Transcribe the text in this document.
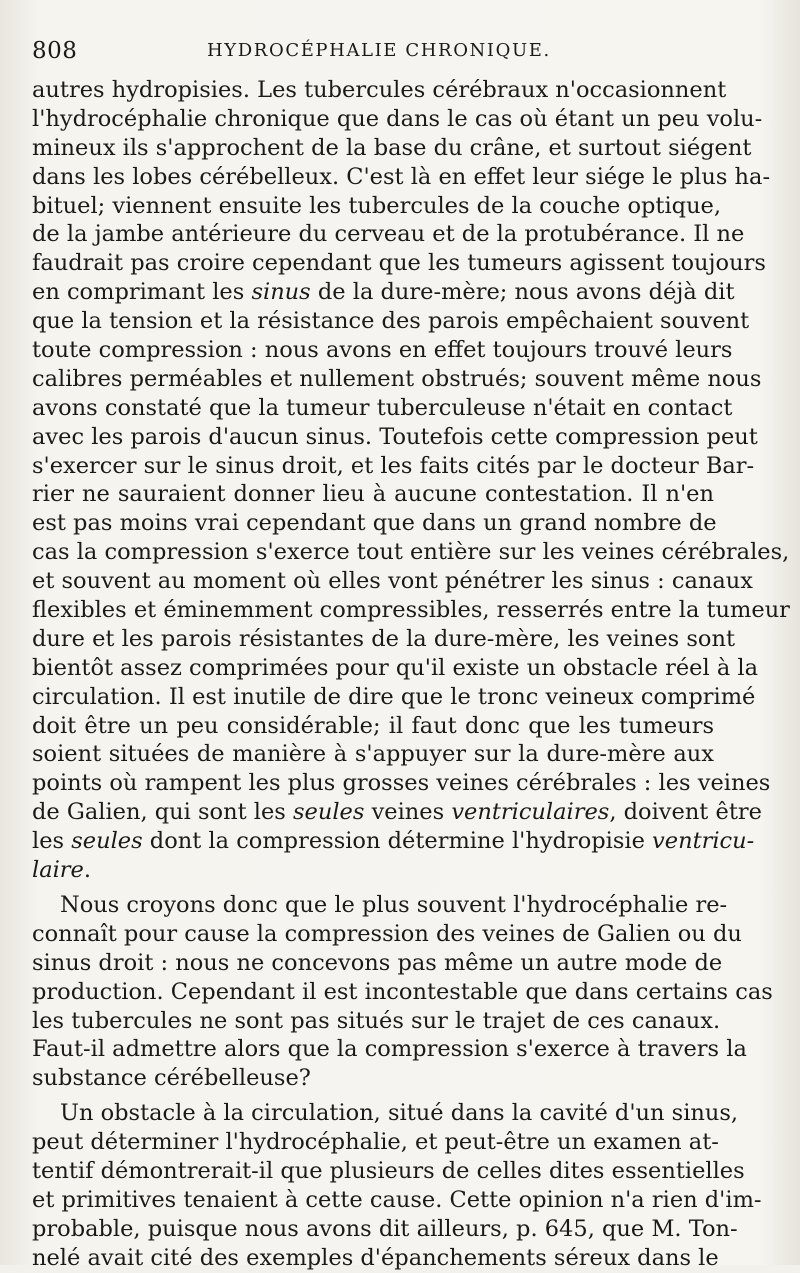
808	HYDROCÉPHALIE CHRONIQUE.
autres hydropisies. Les tubercules cérébraux n'occasionnent
l'hydrocéphalie chronique que dans le cas où étant un peu volu-
mineux ils s'approchent de la base du crâne, et surtout siégent
dans les lobes cérébelleux. C'est là en effet leur siége le plus ha-
bituel; viennent ensuite les tubercules de la couche optique,
de la jambe antérieure du cerveau et de la protubérance. Il ne
faudrait pas croire cependant que les tumeurs agissent toujours
en comprimant les sinus de la dure-mère; nous avons déjà dit
que la tension et la résistance des parois empêchaient souvent
toute compression : nous avons en effet toujours trouvé leurs
calibres perméables et nullement obstrués; souvent même nous
avons constaté que la tumeur tuberculeuse n'était en contact
avec les parois d'aucun sinus. Toutefois cette compression peut
s'exercer sur le sinus droit, et les faits cités par le docteur Bar-
rier ne sauraient donner lieu à aucune contestation. Il n'en
est pas moins vrai cependant que dans un grand nombre de
cas la compression s'exerce tout entière sur les veines cérébrales,
et souvent au moment où elles vont pénétrer les sinus : canaux
flexibles et éminemment compressibles, resserrés entre la tumeur
dure et les parois résistantes de la dure-mère, les veines sont
bientôt assez comprimées pour qu'il existe un obstacle réel à la
circulation. Il est inutile de dire que le tronc veineux comprimé
doit être un peu considérable; il faut donc que les tumeurs
soient situées de manière à s'appuyer sur la dure-mère aux
points où rampent les plus grosses veines cérébrales : les veines
de Galien, qui sont les seules veines ventriculaires, doivent être
les seules dont la compression détermine l'hydropisie ventricu-
laire.
Nous croyons donc que le plus souvent l'hydrocéphalie re-
connaît pour cause la compression des veines de Galien ou du
sinus droit : nous ne concevons pas même un autre mode de
production. Cependant il est incontestable que dans certains cas
les tubercules ne sont pas situés sur le trajet de ces canaux.
Faut-il admettre alors que la compression s'exerce à travers la
substance cérébelleuse?
Un obstacle à la circulation, situé dans la cavité d'un sinus,
peut déterminer l'hydrocéphalie, et peut-être un examen at-
tentif démontrerait-il que plusieurs de celles dites essentielles
et primitives tenaient à cette cause. Cette opinion n'a rien d'im-
probable, puisque nous avons dit ailleurs, p. 645, que M. Ton-
nelé avait cité des exemples d'épanchements séreux dans le
